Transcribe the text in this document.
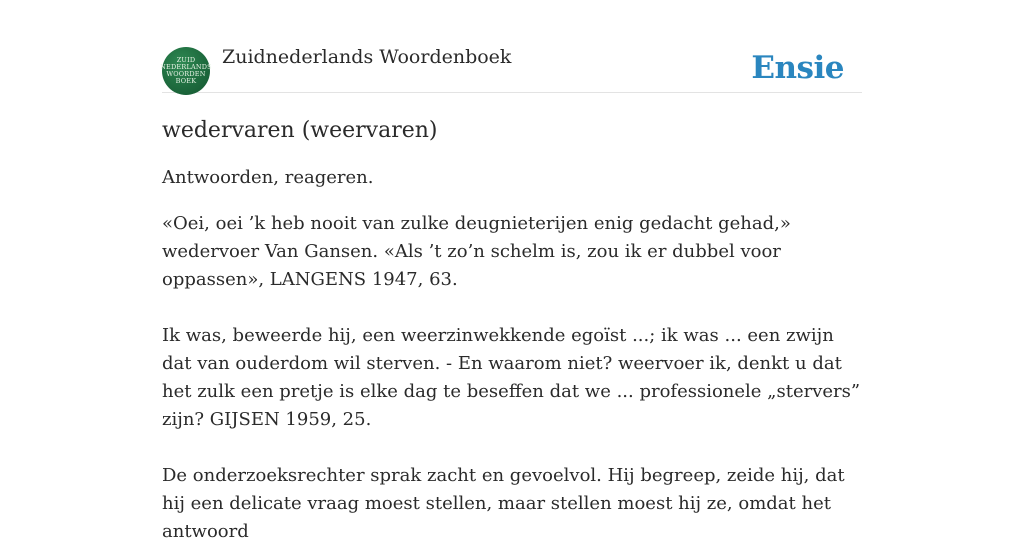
ZUID
NEDERLANDS
WOORDEN
BOEK
Zuidnederlands Woordenboek	Ensie
wedervaren (weervaren)

Antwoorden, reageren.

«Oei, oei ’k heb nooit van zulke deugnieterijen enig gedacht gehad,» wedervoer Van Gansen. «Als ’t zo’n schelm is, zou ik er dubbel voor oppassen», LANGENS 1947, 63.

Ik was, beweerde hij, een weerzinwekkende egoïst ...; ik was ... een zwijn dat van ouderdom wil sterven. - En waarom niet? weervoer ik, denkt u dat het zulk een pretje is elke dag te beseffen dat we ... professionele „stervers” zijn? GIJSEN 1959, 25.

De onderzoeksrechter sprak zacht en gevoelvol. Hij begreep, zeide hij, dat hij een delicate vraag moest stellen, maar stellen moest hij ze, omdat het antwoord
